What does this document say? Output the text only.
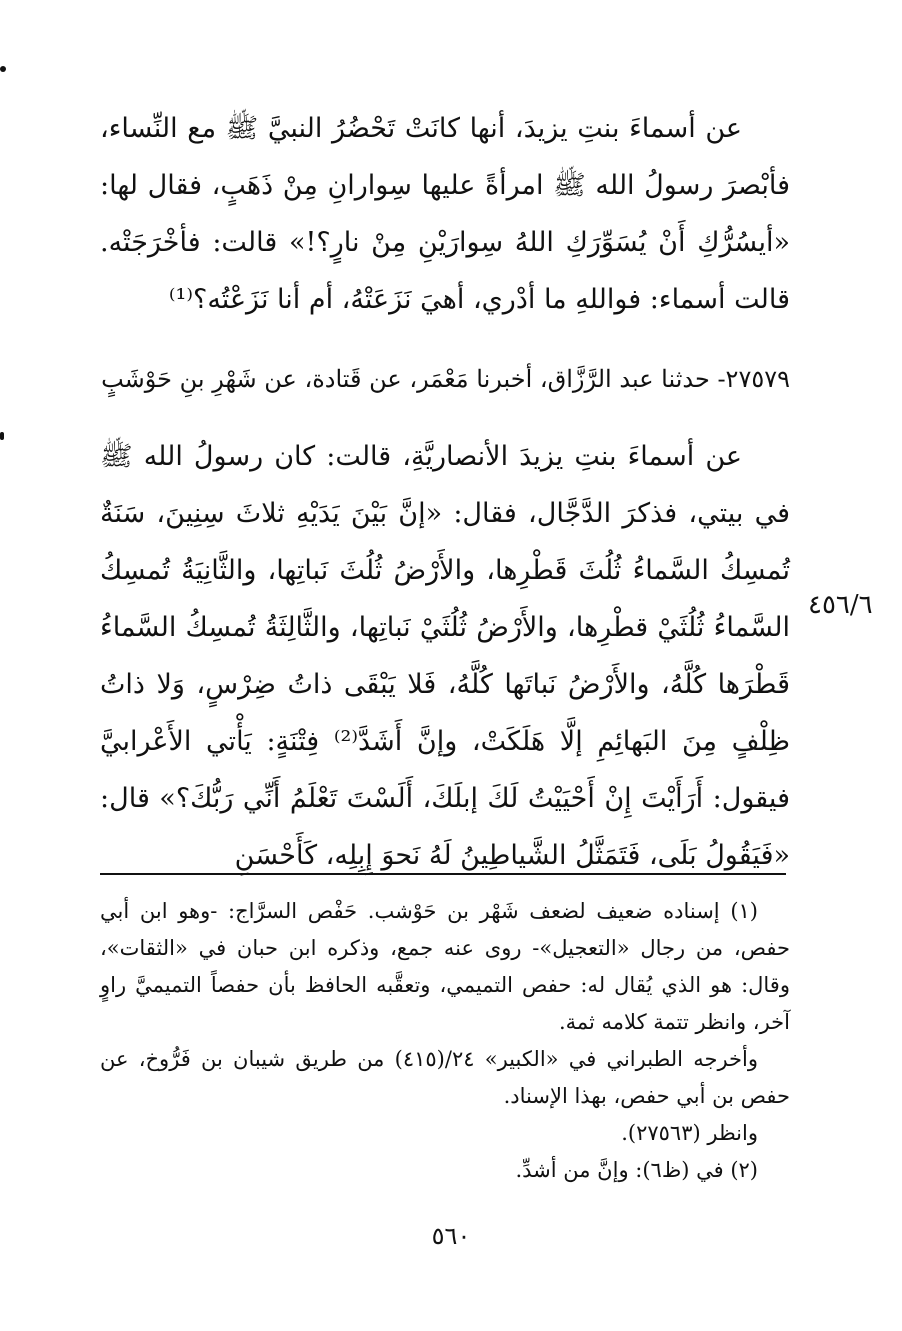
عن أسماءَ بنتِ يزيدَ، أنها كانَتْ تَحْضُرُ النبيَّ ﷺ مع النِّساء، فأبْصرَ رسولُ الله ﷺ امرأةً عليها سِوارانِ مِنْ ذَهَبٍ، فقال لها: «أيسُرُّكِ أَنْ يُسَوِّرَكِ اللهُ سِوارَيْنِ مِنْ نارٍ؟!» قالت: فأخْرَجَتْه. قالت أسماء: فواللهِ ما أدْري، أهيَ نَزَعَتْهُ، أم أنا نَزَعْتُه؟⁽¹⁾

٢٧٥٧٩- حدثنا عبد الرَّزَّاق، أخبرنا مَعْمَر، عن قَتادة، عن شَهْرِ بنِ حَوْشَبٍ

عن أسماءَ بنتِ يزيدَ الأنصاريَّةِ، قالت: كان رسولُ الله ﷺ في بيتي، فذكرَ الدَّجَّال، فقال: «إنَّ بَيْنَ يَدَيْهِ ثلاثَ سِنِينَ، سَنَةٌ تُمسِكُ السَّماءُ ثُلُثَ قَطْرِها، والأَرْضُ ثُلُثَ نَباتِها، والثَّانِيَةُ تُمسِكُ السَّماءُ ثُلُثَيْ قطْرِها، والأَرْضُ ثُلُثَيْ نَباتِها، والثَّالِثَةُ تُمسِكُ السَّماءُ قَطْرَها كُلَّهُ، والأَرْضُ نَباتَها كُلَّهُ، فَلا يَبْقَى ذاتُ ضِرْسٍ، وَلا ذاتُ ظِلْفٍ مِنَ البَهائِمِ إلَّا هَلَكَتْ، وإنَّ أَشَدَّ⁽²⁾ فِتْنَةٍ: يَأْتي الأَعْرابيَّ فيقول: أَرَأَيْتَ إِنْ أَحْيَيْتُ لَكَ إبلَكَ، أَلَسْتَ تَعْلَمُ أَنِّي رَبُّكَ؟» قال: «فَيَقُولُ بَلَى، فَتَمَثَّلُ الشَّياطِينُ لَهُ نَحوَ إِبِلِه، كَأَحْسَنِ

٤٥٦/٦

(١) إسناده ضعيف لضعف شَهْر بن حَوْشب. حَفْص السرَّاج: -وهو ابن أبي حفص، من رجال «التعجيل»- روى عنه جمع، وذكره ابن حبان في «الثقات»، وقال: هو الذي يُقال له: حفص التميمي، وتعقَّبه الحافظ بأن حفصاً التميميَّ راوٍ آخر، وانظر تتمة كلامه ثمة.

وأخرجه الطبراني في «الكبير» ٢٤/(٤١٥) من طريق شيبان بن فَرُّوخ، عن حفص بن أبي حفص، بهذا الإسناد.

وانظر (٢٧٥٦٣).

(٢) في (ظ٦): وإنَّ من أشدِّ.

٥٦٠
